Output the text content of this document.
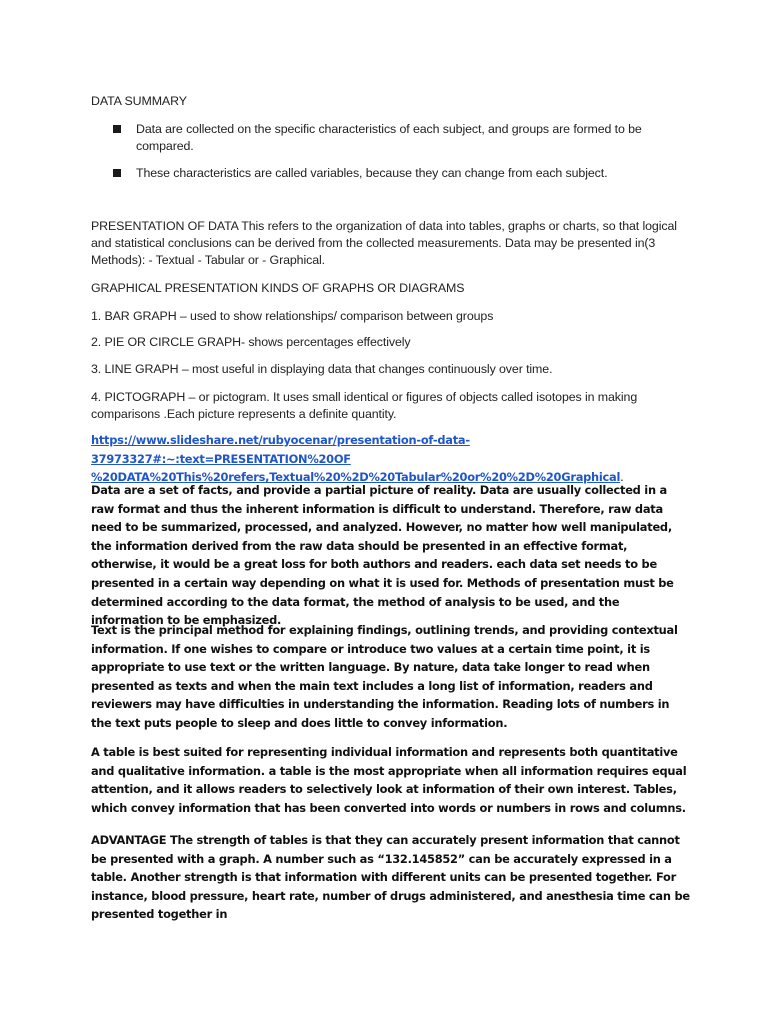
DATA SUMMARY

Data are collected on the specific characteristics of each subject, and groups are formed to be compared.
These characteristics are called variables, because they can change from each subject.

PRESENTATION OF DATA This refers to the organization of data into tables, graphs or charts, so that logical and statistical conclusions can be derived from the collected measurements. Data may be presented in(3 Methods): - Textual - Tabular or - Graphical.

GRAPHICAL PRESENTATION KINDS OF GRAPHS OR DIAGRAMS

1. BAR GRAPH – used to show relationships/ comparison between groups

2. PIE OR CIRCLE GRAPH- shows percentages effectively

3. LINE GRAPH – most useful in displaying data that changes continuously over time.

4. PICTOGRAPH – or pictogram. It uses small identical or figures of objects called isotopes in making comparisons .Each picture represents a definite quantity.

https://www.slideshare.net/rubyocenar/presentation-of-data-37973327#:~:text=PRESENTATION%20OF
%20DATA%20This%20refers,Textual%20%2D%20Tabular%20or%20%2D%20Graphical.

Data are a set of facts, and provide a partial picture of reality. Data are usually collected in a raw format and thus the inherent information is difficult to understand. Therefore, raw data need to be summarized, processed, and analyzed. However, no matter how well manipulated, the information derived from the raw data should be presented in an effective format, otherwise, it would be a great loss for both authors and readers. each data set needs to be presented in a certain way depending on what it is used for. Methods of presentation must be determined according to the data format, the method of analysis to be used, and the information to be emphasized.

Text is the principal method for explaining findings, outlining trends, and providing contextual information. If one wishes to compare or introduce two values at a certain time point, it is appropriate to use text or the written language. By nature, data take longer to read when presented as texts and when the main text includes a long list of information, readers and reviewers may have difficulties in understanding the information. Reading lots of numbers in the text puts people to sleep and does little to convey information.

A table is best suited for representing individual information and represents both quantitative and qualitative information. a table is the most appropriate when all information requires equal attention, and it allows readers to selectively look at information of their own interest. Tables, which convey information that has been converted into words or numbers in rows and columns.

ADVANTAGE The strength of tables is that they can accurately present information that cannot be presented with a graph. A number such as “132.145852” can be accurately expressed in a table. Another strength is that information with different units can be presented together. For instance, blood pressure, heart rate, number of drugs administered, and anesthesia time can be presented together in
